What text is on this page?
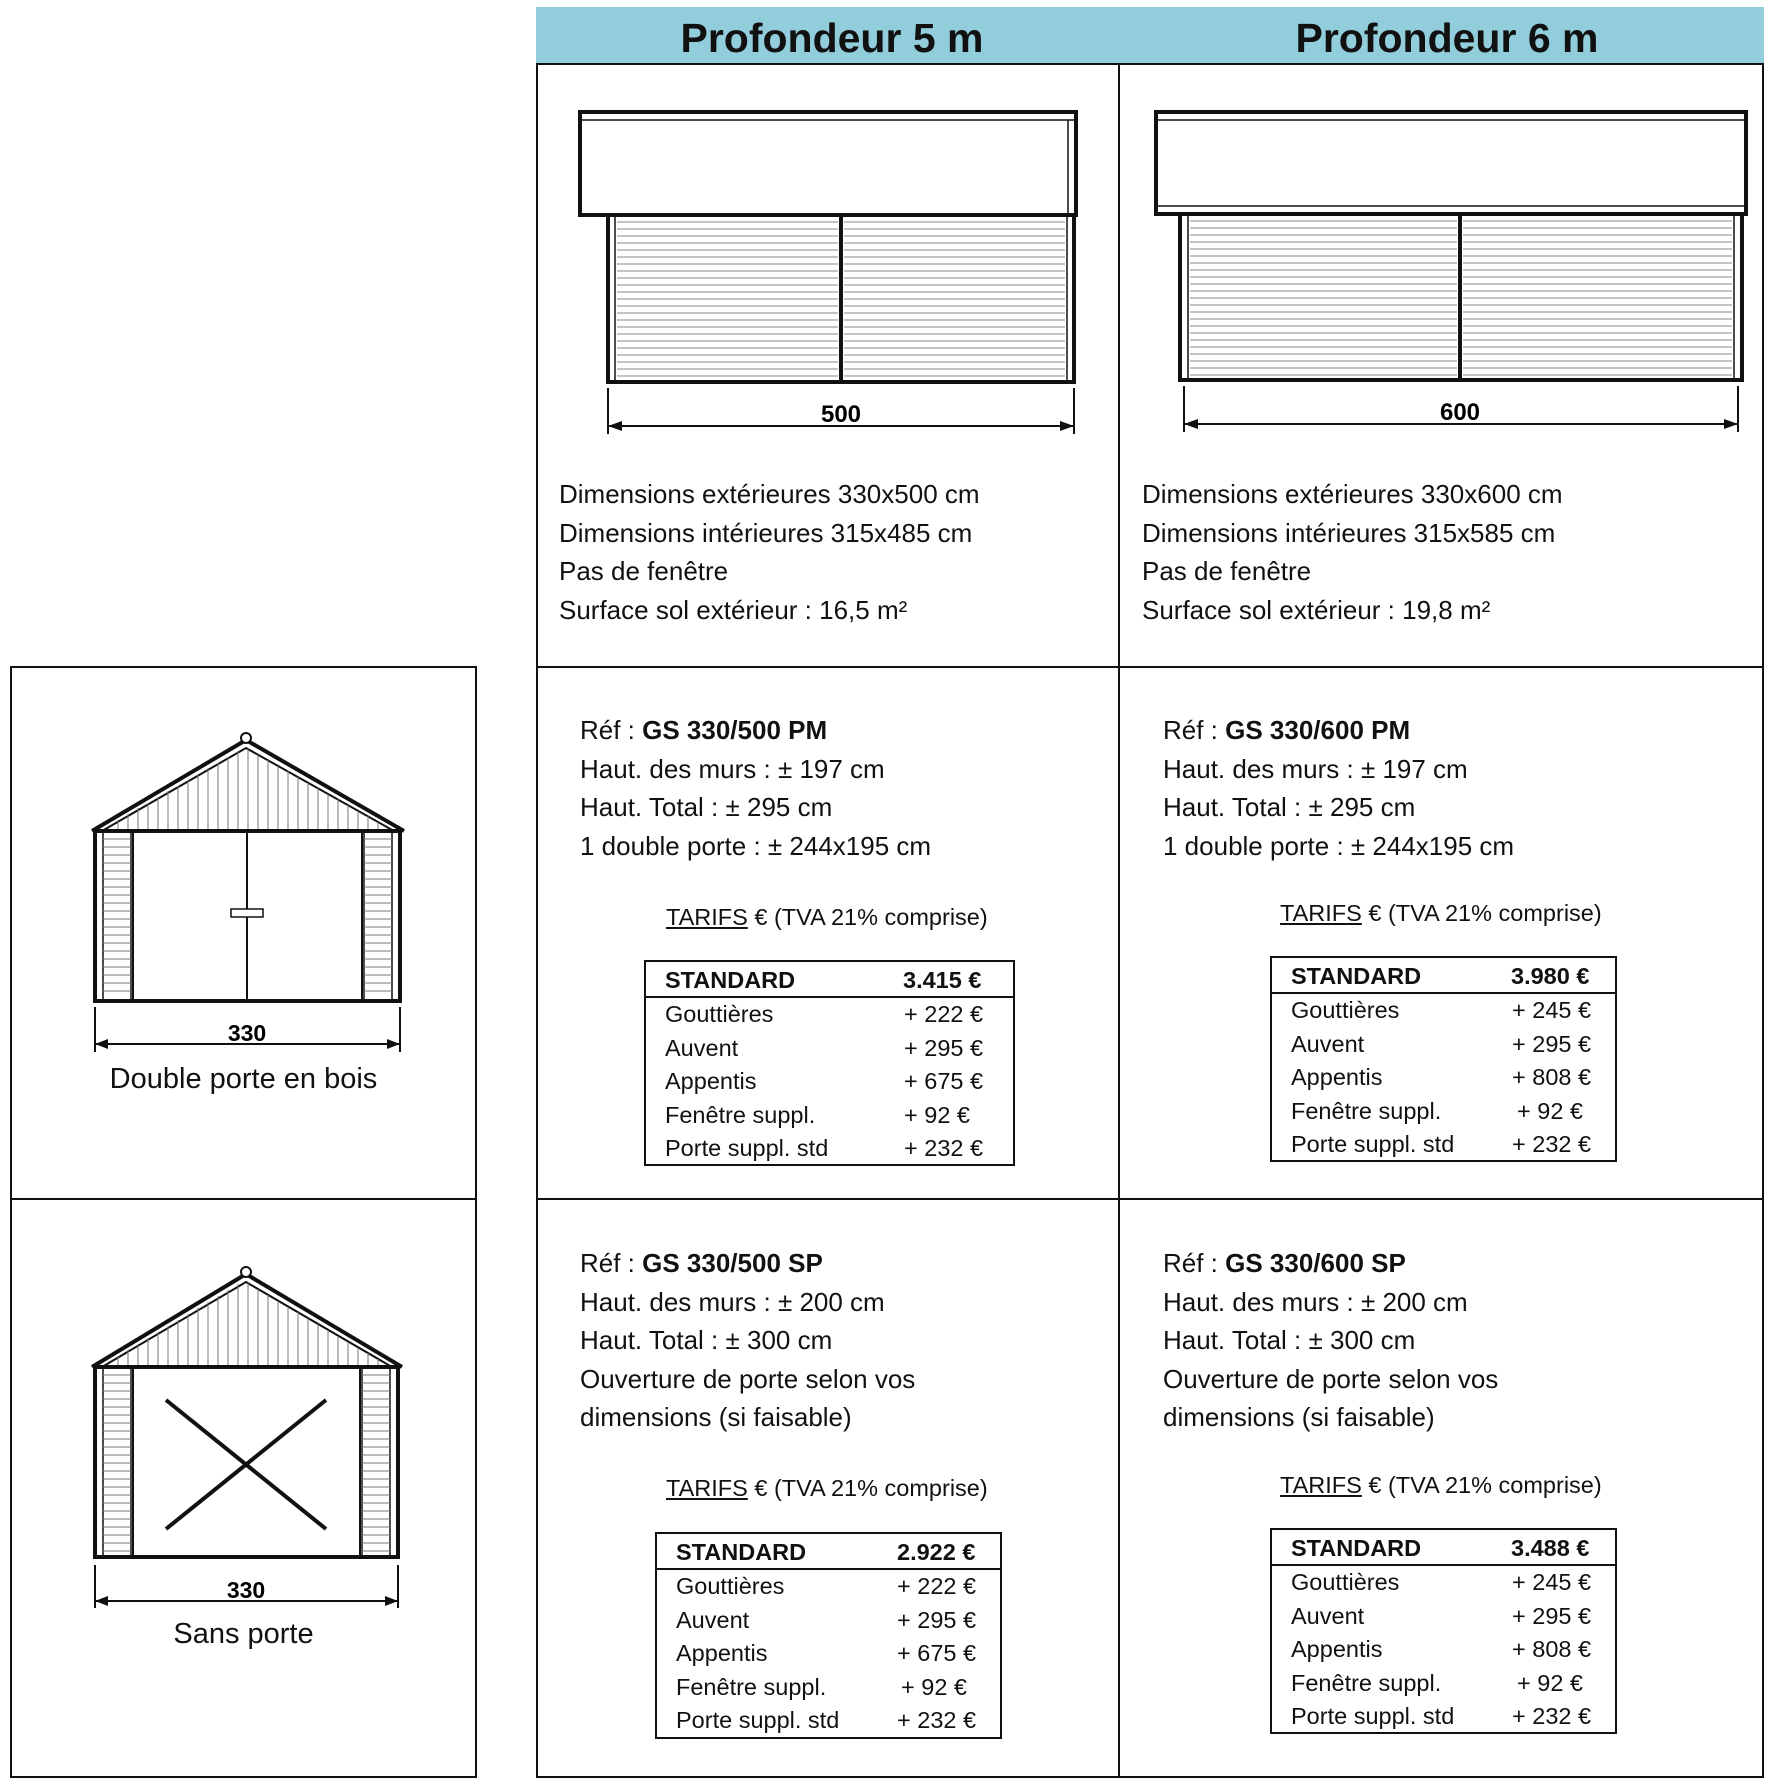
Profondeur 5 m	Profondeur 6 m
500	600
Dimensions extérieures 330x500 cm
Dimensions intérieures 315x485 cm
Pas de fenêtre
Surface sol extérieur : 16,5 m²
Dimensions extérieures 330x600 cm
Dimensions intérieures 315x585 cm
Pas de fenêtre
Surface sol extérieur : 19,8 m²
Réf : GS 330/500 PM
Haut. des murs : ± 197 cm
Haut. Total : ± 295 cm
1 double porte : ± 244x195 cm
TARIFS € (TVA 21% comprise)
STANDARD	3.415 €
Gouttières	+ 222 €
Auvent	+ 295 €
Appentis	+ 675 €
Fenêtre suppl.	+ 92 €
Porte suppl. std	+ 232 €
Réf : GS 330/600 PM
Haut. des murs : ± 197 cm
Haut. Total : ± 295 cm
1 double porte : ± 244x195 cm
TARIFS € (TVA 21% comprise)
STANDARD	3.980 €
Gouttières	+ 245 €
Auvent	+ 295 €
Appentis	+ 808 €
Fenêtre suppl.	+ 92 €
Porte suppl. std + 232 €
Réf : GS 330/500 SP
Haut. des murs : ± 200 cm
Haut. Total : ± 300 cm
Ouverture de porte selon vos
dimensions (si faisable)
TARIFS € (TVA 21% comprise)
STANDARD	2.922 €
Gouttières	+ 222 €
Auvent	+ 295 €
Appentis	+ 675 €
Fenêtre suppl.	+ 92 €
Porte suppl. std + 232 €
Réf : GS 330/600 SP
Haut. des murs : ± 200 cm
Haut. Total : ± 300 cm
Ouverture de porte selon vos
dimensions (si faisable)
TARIFS € (TVA 21% comprise)
STANDARD	3.488 €
Gouttières	+ 245 €
Auvent	+ 295 €
Appentis	+ 808 €
Fenêtre suppl.	+ 92 €
Porte suppl. std + 232 €
330
Double porte en bois
330
Sans porte
